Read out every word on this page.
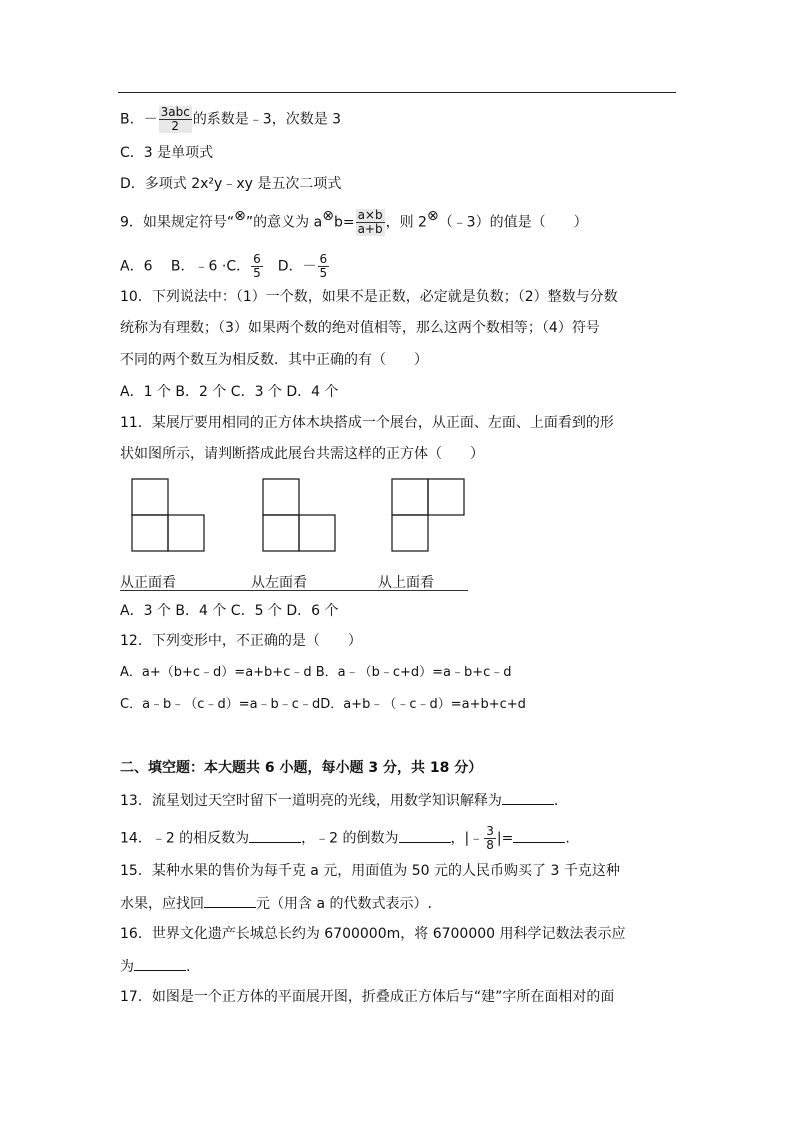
B．－ $\frac{\text{3abc}}{2}$ 的系数是﹣3，次数是 3
C．3 是单项式
D．多项式 2x²y﹣xy 是五次二项式
9．如果规定符号“⊗”的意义为 a⊗b= $\frac{a\times b}{a+b}$ ，则 2⊗（﹣3）的值是（　　）
A．6　 B．﹣6 ·C． $\frac{6}{5}$
　 D．－ $\frac{6}{5}$
10．下列说法中：（1）一个数，如果不是正数，必定就是负数；（2）整数与分数
统称为有理数；（3）如果两个数的绝对值相等，那么这两个数相等；（4）符号
不同的两个数互为相反数．其中正确的有（　　）
A．1 个 B．2 个 C．3 个 D．4 个
11．某展厅要用相同的正方体木块搭成一个展台，从正面、左面、上面看到的形
状如图所示，请判断搭成此展台共需这样的正方体（　　）
从正面看	从左面看	从上面看
A．3 个 B．4 个 C．5 个 D．6 个
12．下列变形中，不正确的是（　　）
A．a+（b+c﹣d）=a+b+c﹣d B．a﹣（b﹣c+d）=a﹣b+c﹣d
C．a﹣b﹣（c﹣d）=a﹣b﹣c﹣dD．a+b﹣（﹣c﹣d）=a+b+c+d
二、填空题：本大题共 6 小题，每小题 3 分，共 18 分）
13．流星划过天空时留下一道明亮的光线，用数学知识解释为	.
14．﹣2 的相反数为	，﹣2 的倒数为	，|﹣ $\frac{3}{8}$ |=	.
15．某种水果的售价为每千克 a 元，用面值为 50 元的人民币购买了 3 千克这种
水果，应找回	元（用含 a 的代数式表示）.
16．世界文化遗产长城总长约为 6700000m，将 6700000 用科学记数法表示应
为	.
17．如图是一个正方体的平面展开图，折叠成正方体后与“建”字所在面相对的面
